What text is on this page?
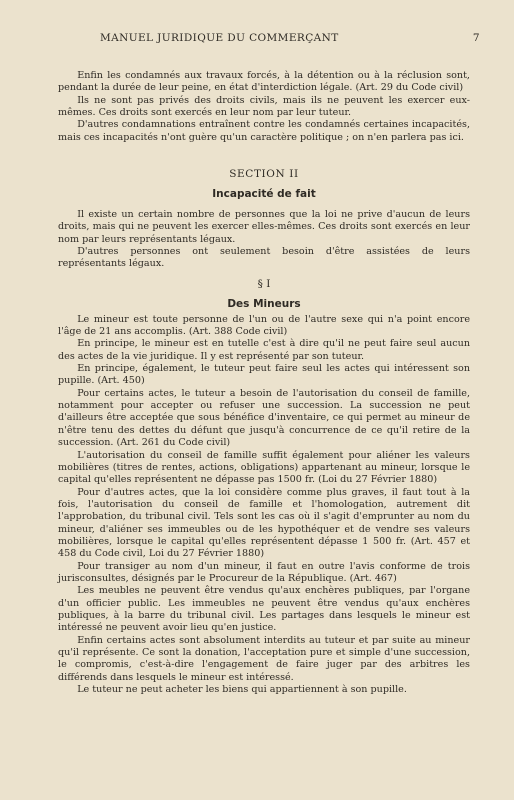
MANUEL JURIDIQUE DU COMMERÇANT	7

Enfin les condamnés aux travaux forcés, à la détention ou à la réclusion sont, pendant la durée de leur peine, en état d'interdiction légale. (Art. 29 du Code civil)

Ils ne sont pas privés des droits civils, mais ils ne peuvent les exercer eux-mêmes. Ces droits sont exercés en leur nom par leur tuteur.

D'autres condamnations entraînent contre les condamnés certaines incapacités, mais ces incapacités n'ont guère qu'un caractère politique ; on n'en parlera pas ici.

SECTION II
Incapacité de fait

Il existe un certain nombre de personnes que la loi ne prive d'aucun de leurs droits, mais qui ne peuvent les exercer elles-mêmes. Ces droits sont exercés en leur nom par leurs représentants légaux.

D'autres personnes ont seulement besoin d'être assistées de leurs représentants légaux.

§ I
Des Mineurs

Le mineur est toute personne de l'un ou de l'autre sexe qui n'a point encore l'âge de 21 ans accomplis. (Art. 388 Code civil)

En principe, le mineur est en tutelle c'est à dire qu'il ne peut faire seul aucun des actes de la vie juridique. Il y est représenté par son tuteur.

En principe, également, le tuteur peut faire seul les actes qui intéressent son pupille. (Art. 450)

Pour certains actes, le tuteur a besoin de l'autorisation du conseil de famille, notamment pour accepter ou refuser une succession. La succession ne peut d'ailleurs être acceptée que sous bénéfice d'inventaire, ce qui permet au mineur de n'être tenu des dettes du défunt que jusqu'à concurrence de ce qu'il retire de la succession. (Art. 261 du Code civil)

L'autorisation du conseil de famille suffit également pour aliéner les valeurs mobilières (titres de rentes, actions, obligations) appartenant au mineur, lorsque le capital qu'elles représentent ne dépasse pas 1500 fr. (Loi du 27 Février 1880)

Pour d'autres actes, que la loi considère comme plus graves, il faut tout à la fois, l'autorisation du conseil de famille et l'homologation, autrement dit l'approbation, du tribunal civil. Tels sont les cas où il s'agit d'emprunter au nom du mineur, d'aliéner ses immeubles ou de les hypothéquer et de vendre ses valeurs mobilières, lorsque le capital qu'elles représentent dépasse 1 500 fr. (Art. 457 et 458 du Code civil, Loi du 27 Février 1880)

Pour transiger au nom d'un mineur, il faut en outre l'avis conforme de trois jurisconsultes, désignés par le Procureur de la République. (Art. 467)

Les meubles ne peuvent être vendus qu'aux enchères publiques, par l'organe d'un officier public. Les immeubles ne peuvent être vendus qu'aux enchères publiques, à la barre du tribunal civil. Les partages dans lesquels le mineur est intéressé ne peuvent avoir lieu qu'en justice.

Enfin certains actes sont absolument interdits au tuteur et par suite au mineur qu'il représente. Ce sont la donation, l'acceptation pure et simple d'une succession, le compromis, c'est-à-dire l'engagement de faire juger par des arbitres les différends dans lesquels le mineur est intéressé.

Le tuteur ne peut acheter les biens qui appartiennent à son pupille.
